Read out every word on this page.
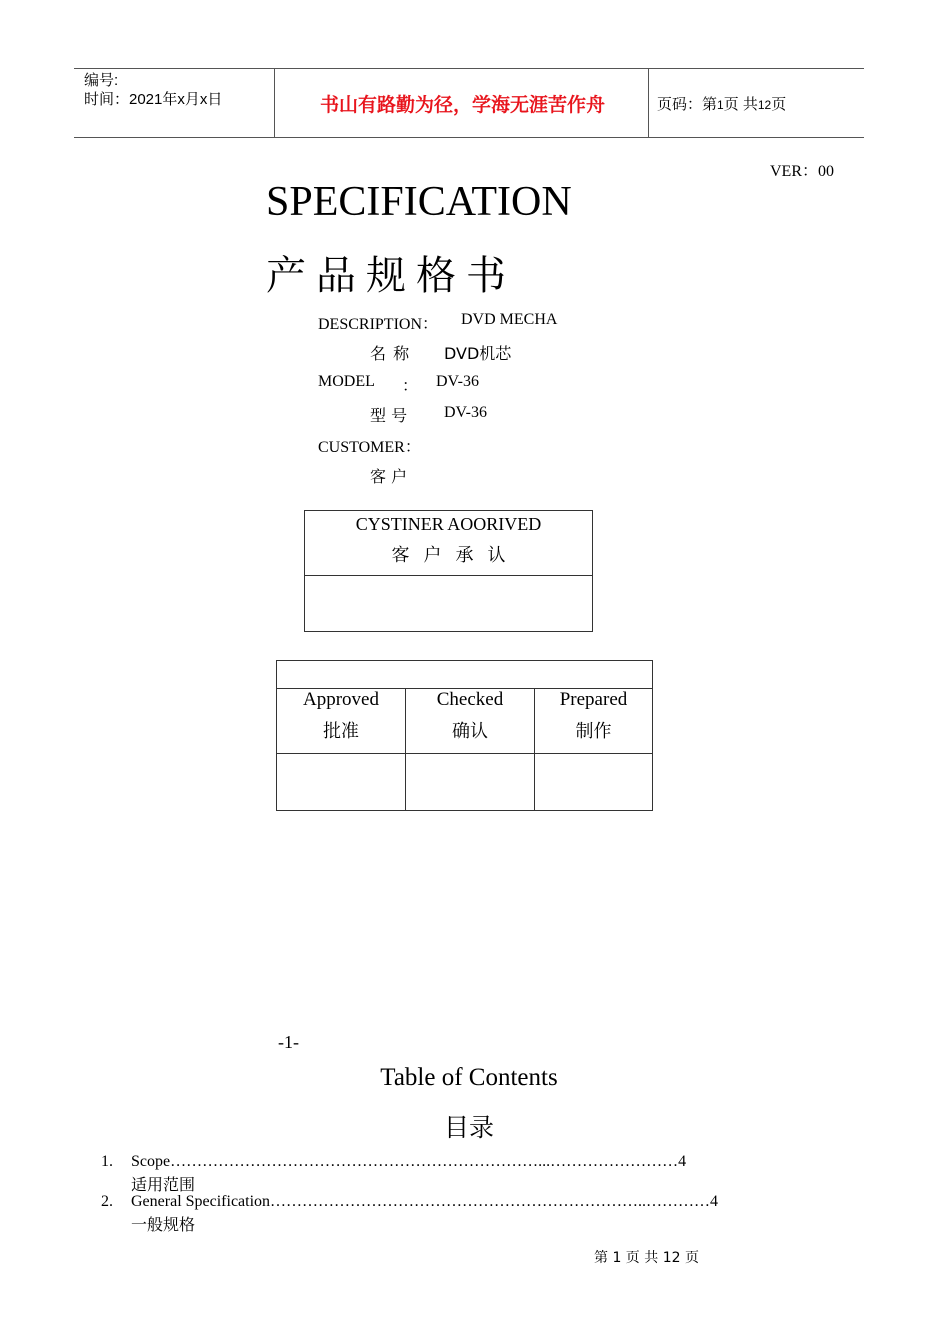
编号:
时间：2021年x月x日	书山有路勤为径，学海无涯苦作舟	页码：第1页 共12页
VER：00
SPECIFICATION
产品规格书
DESCRIPTION： DVD MECHA
名 称 DVD机芯
MODEL ： DV-36
型 号 DV-36
CUSTOMER：
客 户
CYSTINER AOORIVED
客户承认
Approved
批准
Checked
确认
Prepared
制作
-1-
Table of Contents
目录
1. Scope……………………………………………………………...……………………4
适用范围
2. General Specification……………………………………………………………..…………4
一般规格
第 1 页 共 12 页
